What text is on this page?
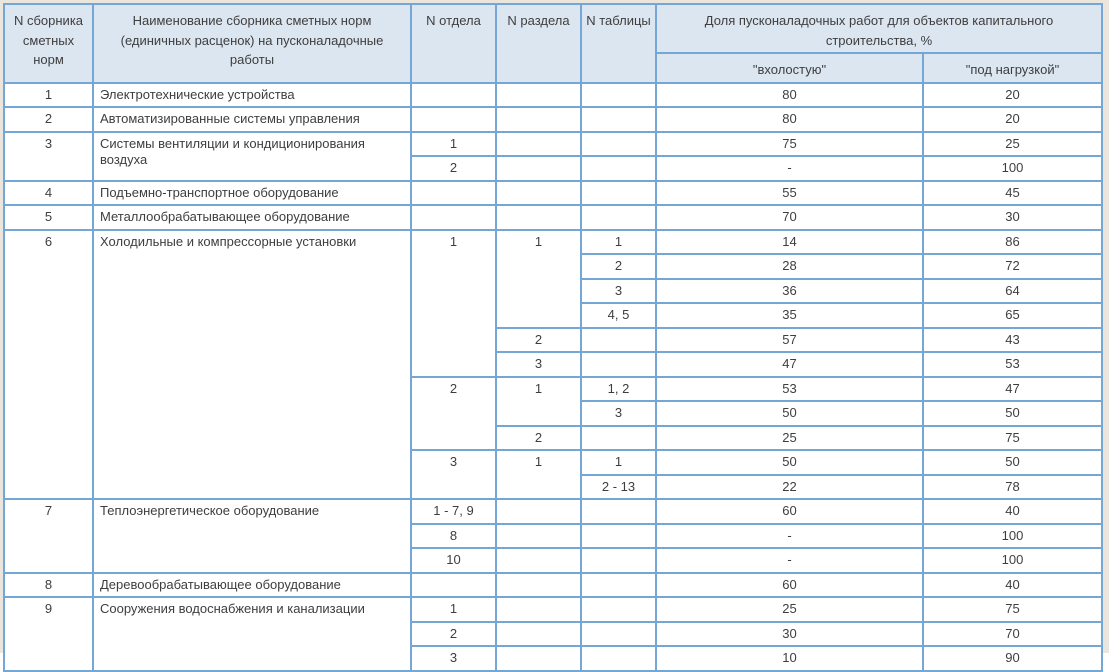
N сборника сметных норм	Наименование сборника сметных норм (единичных расценок) на пусконаладочные работы	N отдела	N раздела	N таблицы	Доля пусконаладочных работ для объектов капитального строительства, %	
					"вхолостую"	"под нагрузкой"
1	Электротехнические устройства				80	20
2	Автоматизированные системы управления				80	20
3	Системы вентиляции и кондиционирования воздуха	1			75	25
		2			-	100
4	Подъемно-транспортное оборудование				55	45
5	Металлообрабатывающее оборудование				70	30
6	Холодильные и компрессорные установки	1	1	1	14	86
				2	28	72
				3	36	64
				4, 5	35	65
			2		57	43
			3		47	53
		2	1	1, 2	53	47
				3	50	50
			2		25	75
		3	1	1	50	50
				2 - 13	22	78
7	Теплоэнергетическое оборудование	1 - 7, 9			60	40
		8			-	100
		10			-	100
8	Деревообрабатывающее оборудование				60	40
9	Сооружения водоснабжения и канализации	1			25	75
		2			30	70
		3			10	90
